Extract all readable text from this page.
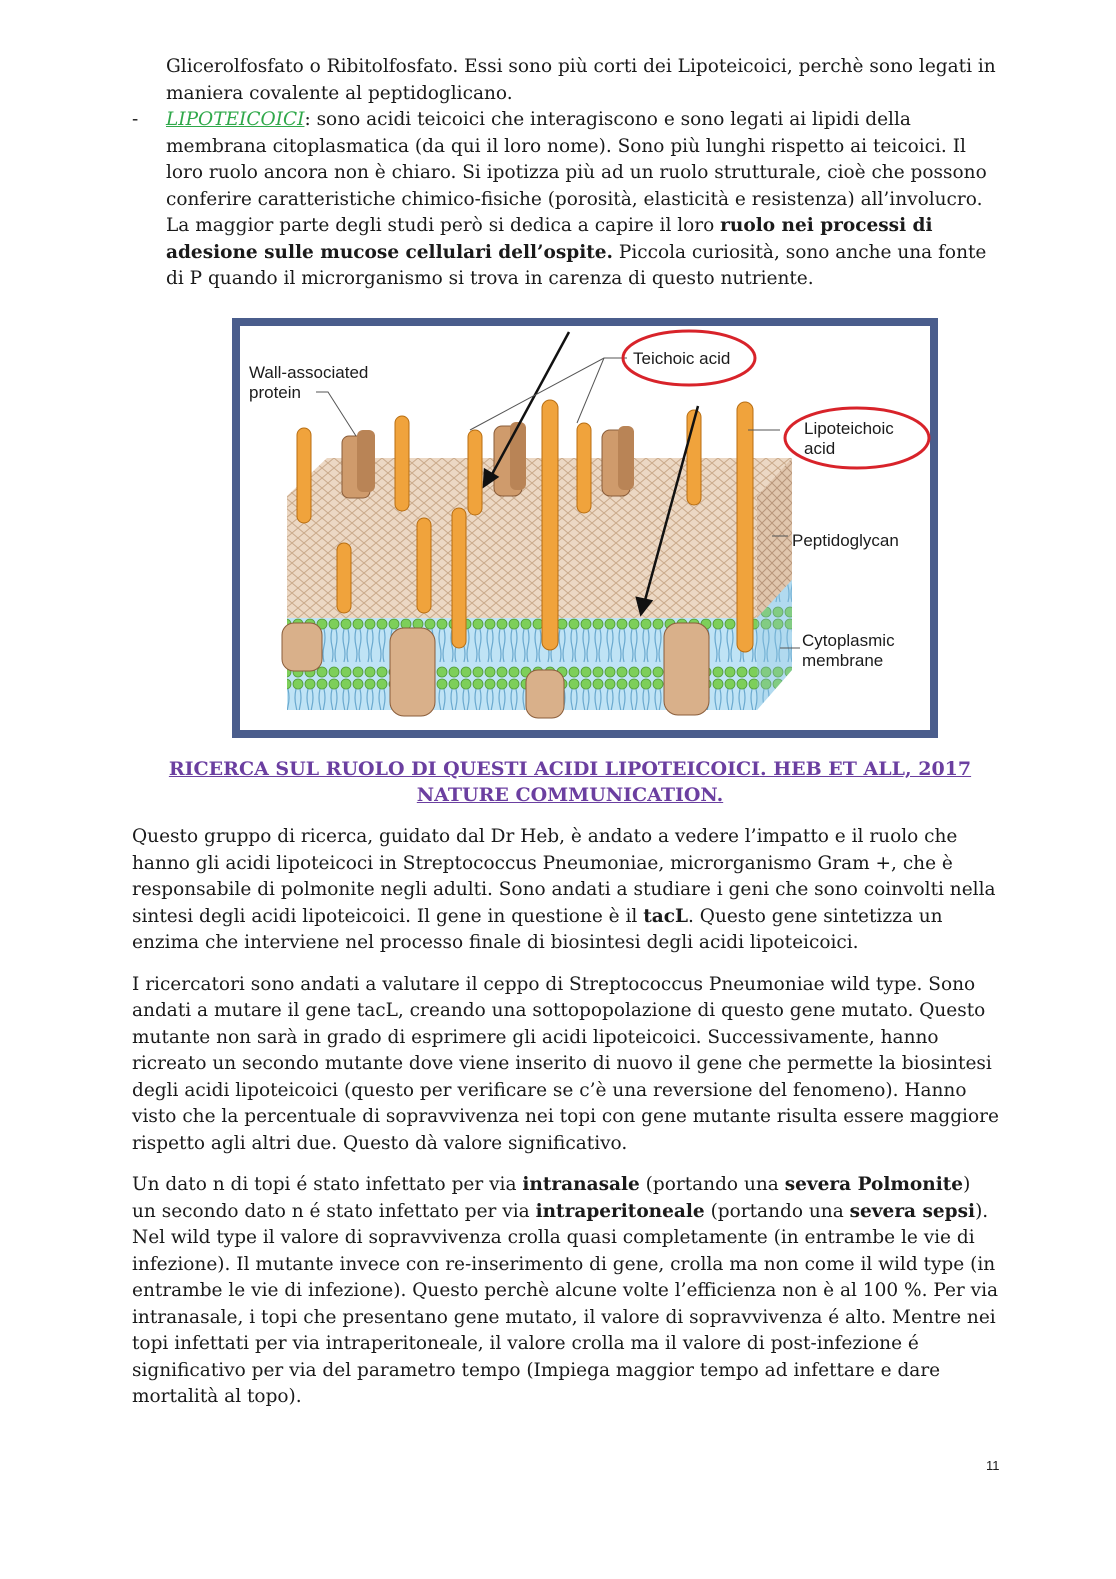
Glicerolfosfato o Ribitolfosfato. Essi sono più corti dei Lipoteicoici, perchè sono legati in
maniera covalente al peptidoglicano.
- LIPOTEICOICI: sono acidi teicoici che interagiscono e sono legati ai lipidi della
membrana citoplasmatica (da qui il loro nome). Sono più lunghi rispetto ai teicoici. Il
loro ruolo ancora non è chiaro. Si ipotizza più ad un ruolo strutturale, cioè che possono
conferire caratteristiche chimico-fisiche (porosità, elasticità e resistenza) all’involucro.
La maggior parte degli studi però si dedica a capire il loro ruolo nei processi di
adesione sulle mucose cellulari dell’ospite. Piccola curiosità, sono anche una fonte
di P quando il microrganismo si trova in carenza di questo nutriente.
Wall-associated
protein
Teichoic acid
Lipoteichoic
acid
Peptidoglycan
Cytoplasmic
membrane
RICERCA SUL RUOLO DI QUESTI ACIDI LIPOTEICOICI. HEB ET ALL, 2017
NATURE COMMUNICATION.
Questo gruppo di ricerca, guidato dal Dr Heb, è andato a vedere l’impatto e il ruolo che
hanno gli acidi lipoteicoci in Streptococcus Pneumoniae, microrganismo Gram +, che è
responsabile di polmonite negli adulti. Sono andati a studiare i geni che sono coinvolti nella
sintesi degli acidi lipoteicoici. Il gene in questione è il tacL. Questo gene sintetizza un
enzima che interviene nel processo finale di biosintesi degli acidi lipoteicoici.
I ricercatori sono andati a valutare il ceppo di Streptococcus Pneumoniae wild type. Sono
andati a mutare il gene tacL, creando una sottopopolazione di questo gene mutato. Questo
mutante non sarà in grado di esprimere gli acidi lipoteicoici. Successivamente, hanno
ricreato un secondo mutante dove viene inserito di nuovo il gene che permette la biosintesi
degli acidi lipoteicoici (questo per verificare se c’è una reversione del fenomeno). Hanno
visto che la percentuale di sopravvivenza nei topi con gene mutante risulta essere maggiore
rispetto agli altri due. Questo dà valore significativo.
Un dato n di topi é stato infettato per via intranasale (portando una severa Polmonite)
un secondo dato n é stato infettato per via intraperitoneale (portando una severa sepsi).
Nel wild type il valore di sopravvivenza crolla quasi completamente (in entrambe le vie di
infezione). Il mutante invece con re-inserimento di gene, crolla ma non come il wild type (in
entrambe le vie di infezione). Questo perchè alcune volte l’efficienza non è al 100 %. Per via
intranasale, i topi che presentano gene mutato, il valore di sopravvivenza é alto. Mentre nei
topi infettati per via intraperitoneale, il valore crolla ma il valore di post-infezione é
significativo per via del parametro tempo (Impiega maggior tempo ad infettare e dare
mortalità al topo).
11
